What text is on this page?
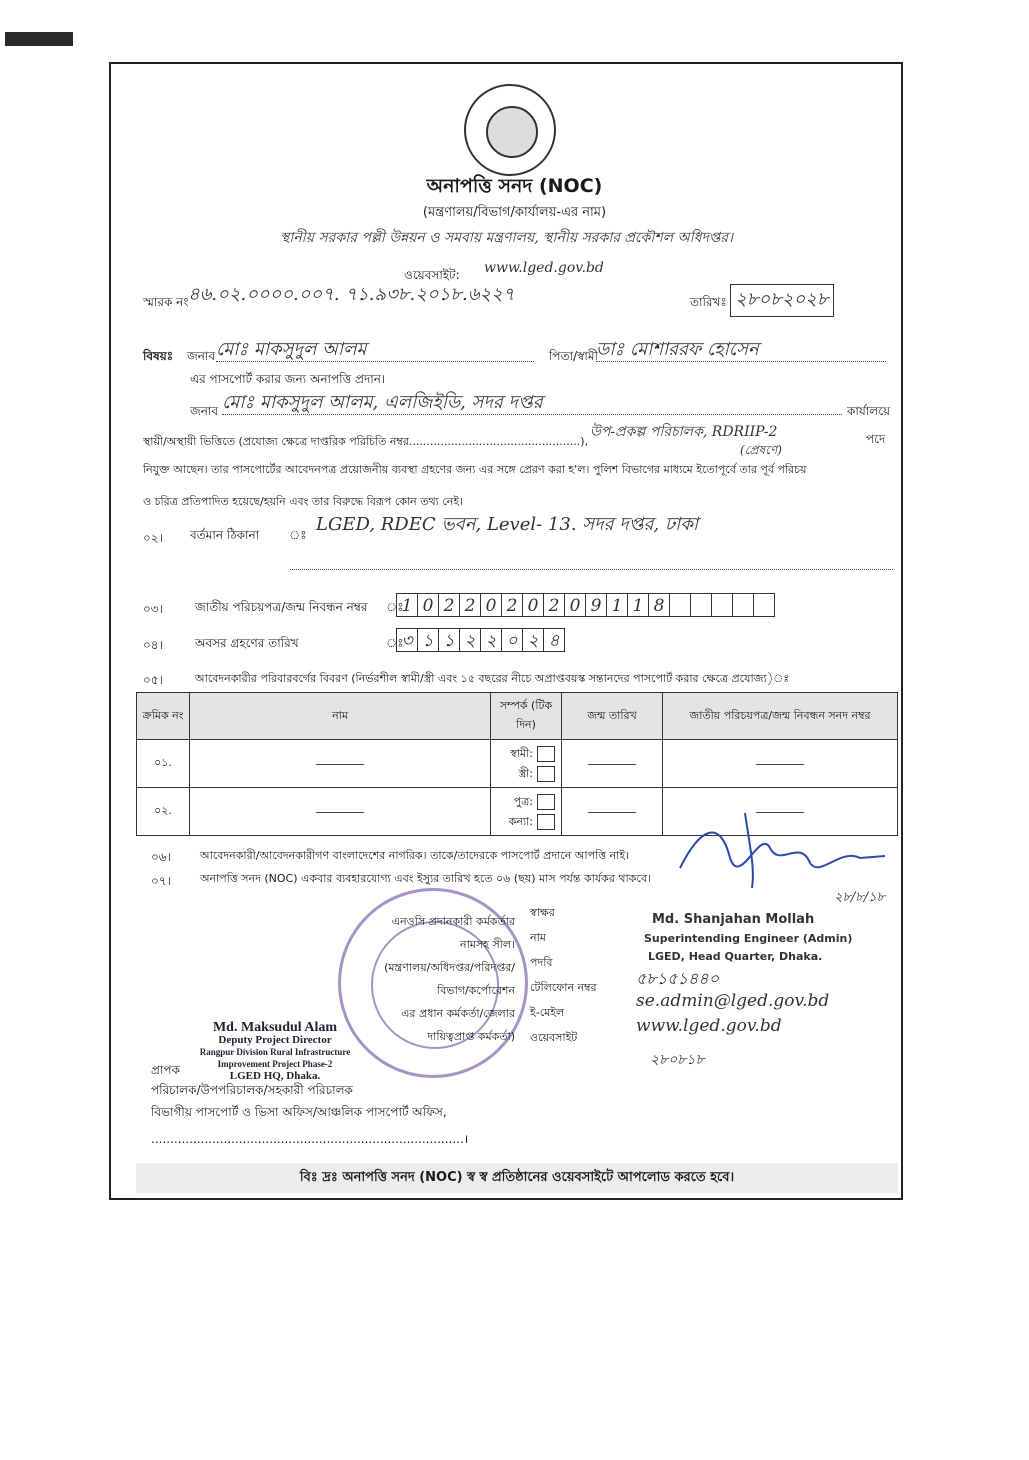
অনাপত্তি সনদ (NOC)
(মন্ত্রণালয়/বিভাগ/কার্যালয়-এর নাম)
স্থানীয় সরকার পল্লী উন্নয়ন ও সমবায় মন্ত্রণালয়, স্থানীয় সরকার প্রকৌশল অধিদপ্তর।
ওয়েবসাইট: www.lged.gov.bd
স্মারক নং ৪৬.০২.০০০০.০০৭. ৭১.৯৩৮.২০১৮.৬২২৭	তারিখঃ ২৮০৮২০২৮
বিষয়ঃ জনাব মোঃ মাকসুদুল আলম	পিতা/স্বামী
ডাঃ মোশাররফ হোসেন
এর পাসপোর্ট করার জন্য অনাপত্তি প্রদান।
জনাব মোঃ মাকসুদুল আলম, এলজিইডি, সদর দপ্তর	কার্যালয়ে
স্থায়ী/অস্থায়ী ভিত্তিতে (প্রযোজ্য ক্ষেত্রে দাপ্তরিক পরিচিতি নম্বর.................................................),
উপ-প্রকল্প পরিচালক, RDRIIP-2
(প্রেষণে)
পদে
নিযুক্ত আছেন। তার পাসপোর্টের আবেদনপত্র প্রয়োজনীয় ব্যবস্থা গ্রহণের জন্য এর সঙ্গে প্রেরণ করা হ'ল। পুলিশ বিভাগের মাধ্যমে ইতোপূর্বে তার পূর্ব পরিচয়
ও চরিত্র প্রতিপাদিত হয়েছে/হয়নি এবং তার বিরুদ্ধে বিরূপ কোন তথ্য নেই।
০২। বর্তমান ঠিকানা ঃ LGED, RDEC ভবন, Level- 13. সদর দপ্তর, ঢাকা
০৩।	জাতীয় পরিচয়পত্র/জন্ম নিবন্ধন নম্বর ঃ
1 0 2 2 0 2 0 2 0 9 1 1 8
০৪।	অবসর গ্রহণের তারিখ	ঃ
৩ ১ ১ ২ ২ ০ ২ ৪
০৫।	আবেদনকারীর পরিবারবর্গের বিবরণ (নির্ভরশীল স্বামী/স্ত্রী এবং ১৫ বছরের নীচে অপ্রাপ্তবয়স্ক সন্তানদের পাসপোর্ট করার ক্ষেত্রে প্রযোজ্য)ঃ
ক্রমিক নং	নাম	সম্পর্ক (টিক দিন)	জন্ম তারিখ	জাতীয় পরিচয়পত্র/জন্ম নিবন্ধন সনদ নম্বর
০১.		স্বামী:
স্ত্রী:		

০২.		পুত্র:
কন্যা:		

০৬।	আবেদনকারী/আবেদনকারীগণ বাংলাদেশের নাগরিক। তাকে/তাদেরকে পাসপোর্ট প্রদানে আপত্তি নাই।
০৭।	অনাপত্তি সনদ (NOC) একবার ব্যবহারযোগ্য এবং ইস্যুর তারিখ হতে ০৬ (ছয়) মাস পর্যন্ত কার্যকর থাকবে।
এনওসি প্রদানকারী কর্মকর্তার
নামসহ সীল।
(মন্ত্রণালয়/অধিদপ্তর/পরিদপ্তর/
বিভাগ/কর্পোরেশন
এর প্রধান কর্মকর্তা/জেলার
দায়িত্বপ্রাপ্ত কর্মকর্তা)
স্বাক্ষর
নাম
পদবি
টেলিফোন নম্বর
ই-মেইল
ওয়েবসাইট
২৮/৮/১৮
Md. Shanjahan Mollah
Superintending Engineer (Admin)
LGED, Head Quarter, Dhaka.
৫৮১৫১৪৪০
se.admin@lged.gov.bd
www.lged.gov.bd
২৮০৮১৮
Md. Maksudul Alam
Deputy Project Director
Rangpur Division Rural Infrastructure
Improvement Project Phase-2
LGED HQ, Dhaka.
প্রাপক
পরিচালক/উপপরিচালক/সহকারী পরিচালক
বিভাগীয় পাসপোর্ট ও ভিসা অফিস/আঞ্চলিক পাসপোর্ট অফিস,
..................................................................................।
বিঃ দ্রঃ অনাপত্তি সনদ (NOC) স্ব স্ব প্রতিষ্ঠানের ওয়েবসাইটে আপলোড করতে হবে।
